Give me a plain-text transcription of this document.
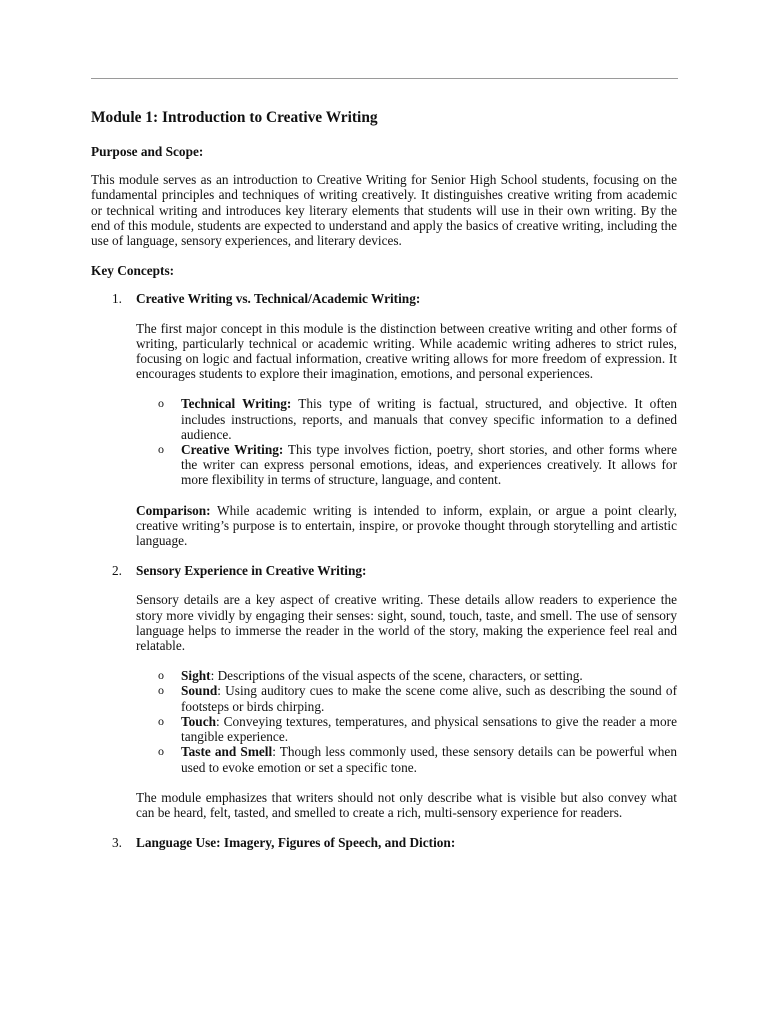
Module 1: Introduction to Creative Writing
Purpose and Scope:

This module serves as an introduction to Creative Writing for Senior High School students, focusing on the fundamental principles and techniques of writing creatively. It distinguishes creative writing from academic or technical writing and introduces key literary elements that students will use in their own writing. By the end of this module, students are expected to understand and apply the basics of creative writing, including the use of language, sensory experiences, and literary devices.

Key Concepts:
1. Creative Writing vs. Technical/Academic Writing:

The first major concept in this module is the distinction between creative writing and other forms of writing, particularly technical or academic writing. While academic writing adheres to strict rules, focusing on logic and factual information, creative writing allows for more freedom of expression. It encourages students to explore their imagination, emotions, and personal experiences.

o Technical Writing: This type of writing is factual, structured, and objective. It often includes instructions, reports, and manuals that convey specific information to a defined audience.
o Creative Writing: This type involves fiction, poetry, short stories, and other forms where the writer can express personal emotions, ideas, and experiences creatively. It allows for more flexibility in terms of structure, language, and content.

Comparison: While academic writing is intended to inform, explain, or argue a point clearly, creative writing’s purpose is to entertain, inspire, or provoke thought through storytelling and artistic language.

2. Sensory Experience in Creative Writing:

Sensory details are a key aspect of creative writing. These details allow readers to experience the story more vividly by engaging their senses: sight, sound, touch, taste, and smell. The use of sensory language helps to immerse the reader in the world of the story, making the experience feel real and relatable.

o Sight: Descriptions of the visual aspects of the scene, characters, or setting.
o Sound: Using auditory cues to make the scene come alive, such as describing the sound of footsteps or birds chirping.
o Touch: Conveying textures, temperatures, and physical sensations to give the reader a more tangible experience.
o Taste and Smell: Though less commonly used, these sensory details can be powerful when used to evoke emotion or set a specific tone.

The module emphasizes that writers should not only describe what is visible but also convey what can be heard, felt, tasted, and smelled to create a rich, multi-sensory experience for readers.

3. Language Use: Imagery, Figures of Speech, and Diction:
